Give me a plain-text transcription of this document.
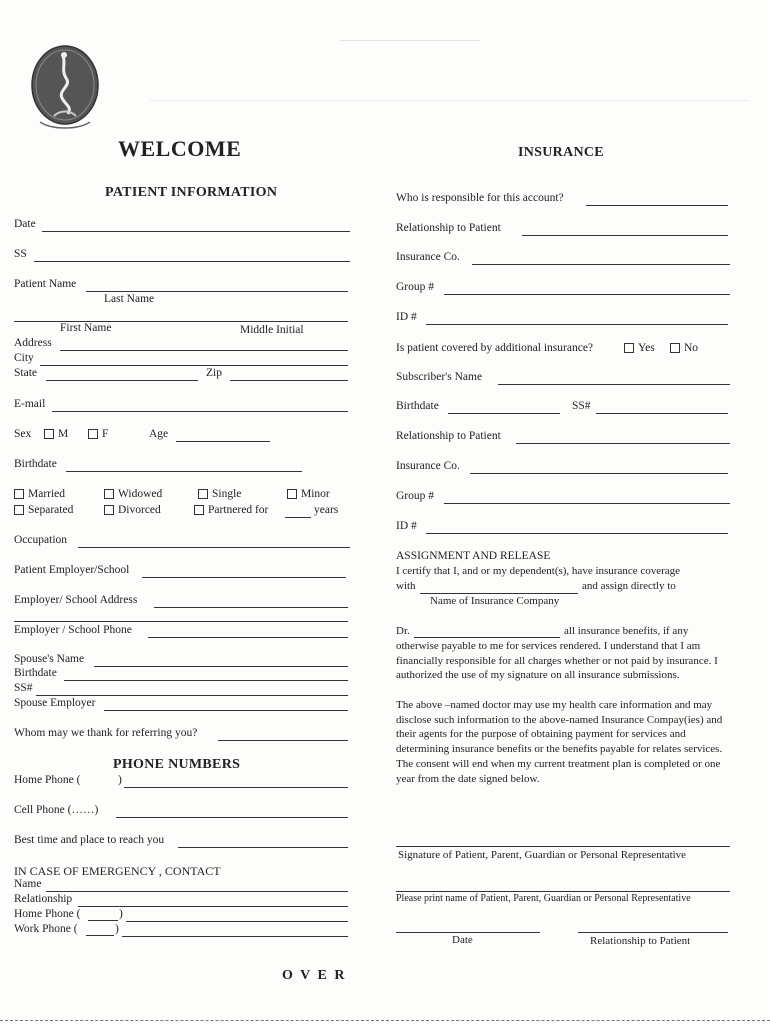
WELCOME
PATIENT INFORMATION
Date
SS
Patient Name
Last Name
First Name	Middle Initial
Address
City
State	Zip
E-mail
Sex	M	F	Age
Birthdate
Married	Widowed	Single	Minor
Separated	Divorced	Partnered for	years
Occupation
Patient Employer/School
Employer/ School Address
Employer / School Phone
Spouse's Name
Birthdate
SS#
Spouse Employer
Whom may we thank for referring you?
PHONE NUMBERS
Home Phone (	)
Cell Phone (……)
Best time and place to reach you
IN CASE OF EMERGENCY , CONTACT
Name
Relationship
Home Phone (	)
Work Phone (	)
O V E R
INSURANCE
Who is responsible for this account?
Relationship to Patient
Insurance Co.
Group #
ID #
Is patient covered by additional insurance?	Yes	No
Subscriber's Name
Birthdate	SS#
Relationship to Patient
Insurance Co.
Group #
ID #
ASSIGNMENT AND RELEASE
I certify that I, and or my dependent(s), have insurance coverage
with	and assign directly to
Name of Insurance Company
Dr.	all insurance benefits, if any
otherwise payable to me for services rendered. I understand that I am financially responsible for all charges whether or not paid by insurance. I authorized the use of my signature on all insurance submissions.
The above –named doctor may use my health care information and may disclose such information to the above-named Insurance Compay(ies) and their agents for the purpose of obtaining payment for services and determining insurance benefits or the benefits payable for relates services. The consent will end when my current treatment plan is completed or one year from the date signed below.
Signature of Patient, Parent, Guardian or Personal Representative
Please print name of Patient, Parent, Guardian or Personal Representative
Date	Relationship to Patient
